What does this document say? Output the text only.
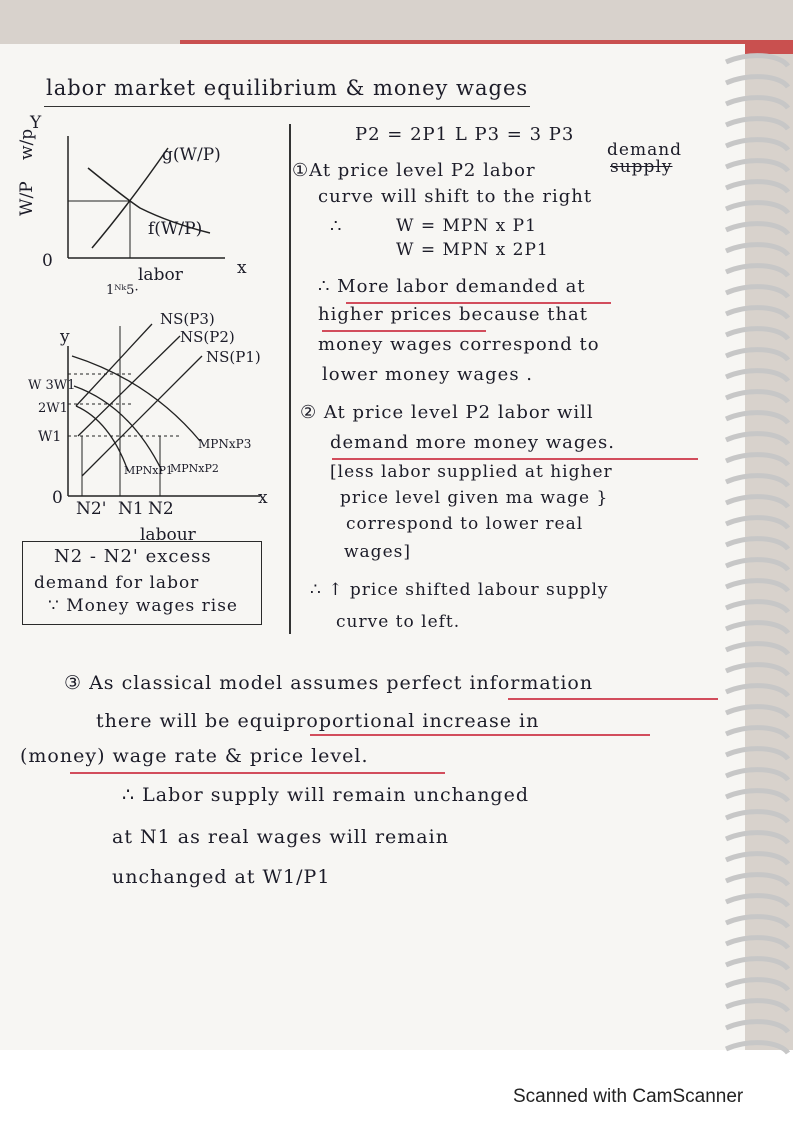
labor market equilibrium & money wages
Y
w/p
W/P
g(W/P)
f(W/P)
x
0
labor
1ᴺᵏ5·
y
NS(P3)
NS(P2)
NS(P1)
W 3W1
2W1
W1	MPNxP3
MPNxP1
MPNxP2
0
N2' N1 N2
x
labour
N2 - N2' excess
demand for labor
∵ Money wages rise
P2 = 2P1 L P3 = 3 P3
①At price level P2 labor
demand
supply
curve will shift to the right
∴	W = MPN x P1
W = MPN x 2P1
∴ More labor demanded at
higher prices because that
money wages correspond to
lower money wages .
② At price level P2 labor will
demand more money wages.
[less labor supplied at higher
price level given ma wage }
correspond to lower real
wages]
∴ ↑ price shifted labour supply
curve to left.
③ As classical model assumes perfect information
there will be equiproportional increase in
(money) wage rate & price level.
∴ Labor supply will remain unchanged
at N1 as real wages will remain
unchanged at W1/P1
Scanned with CamScanner
